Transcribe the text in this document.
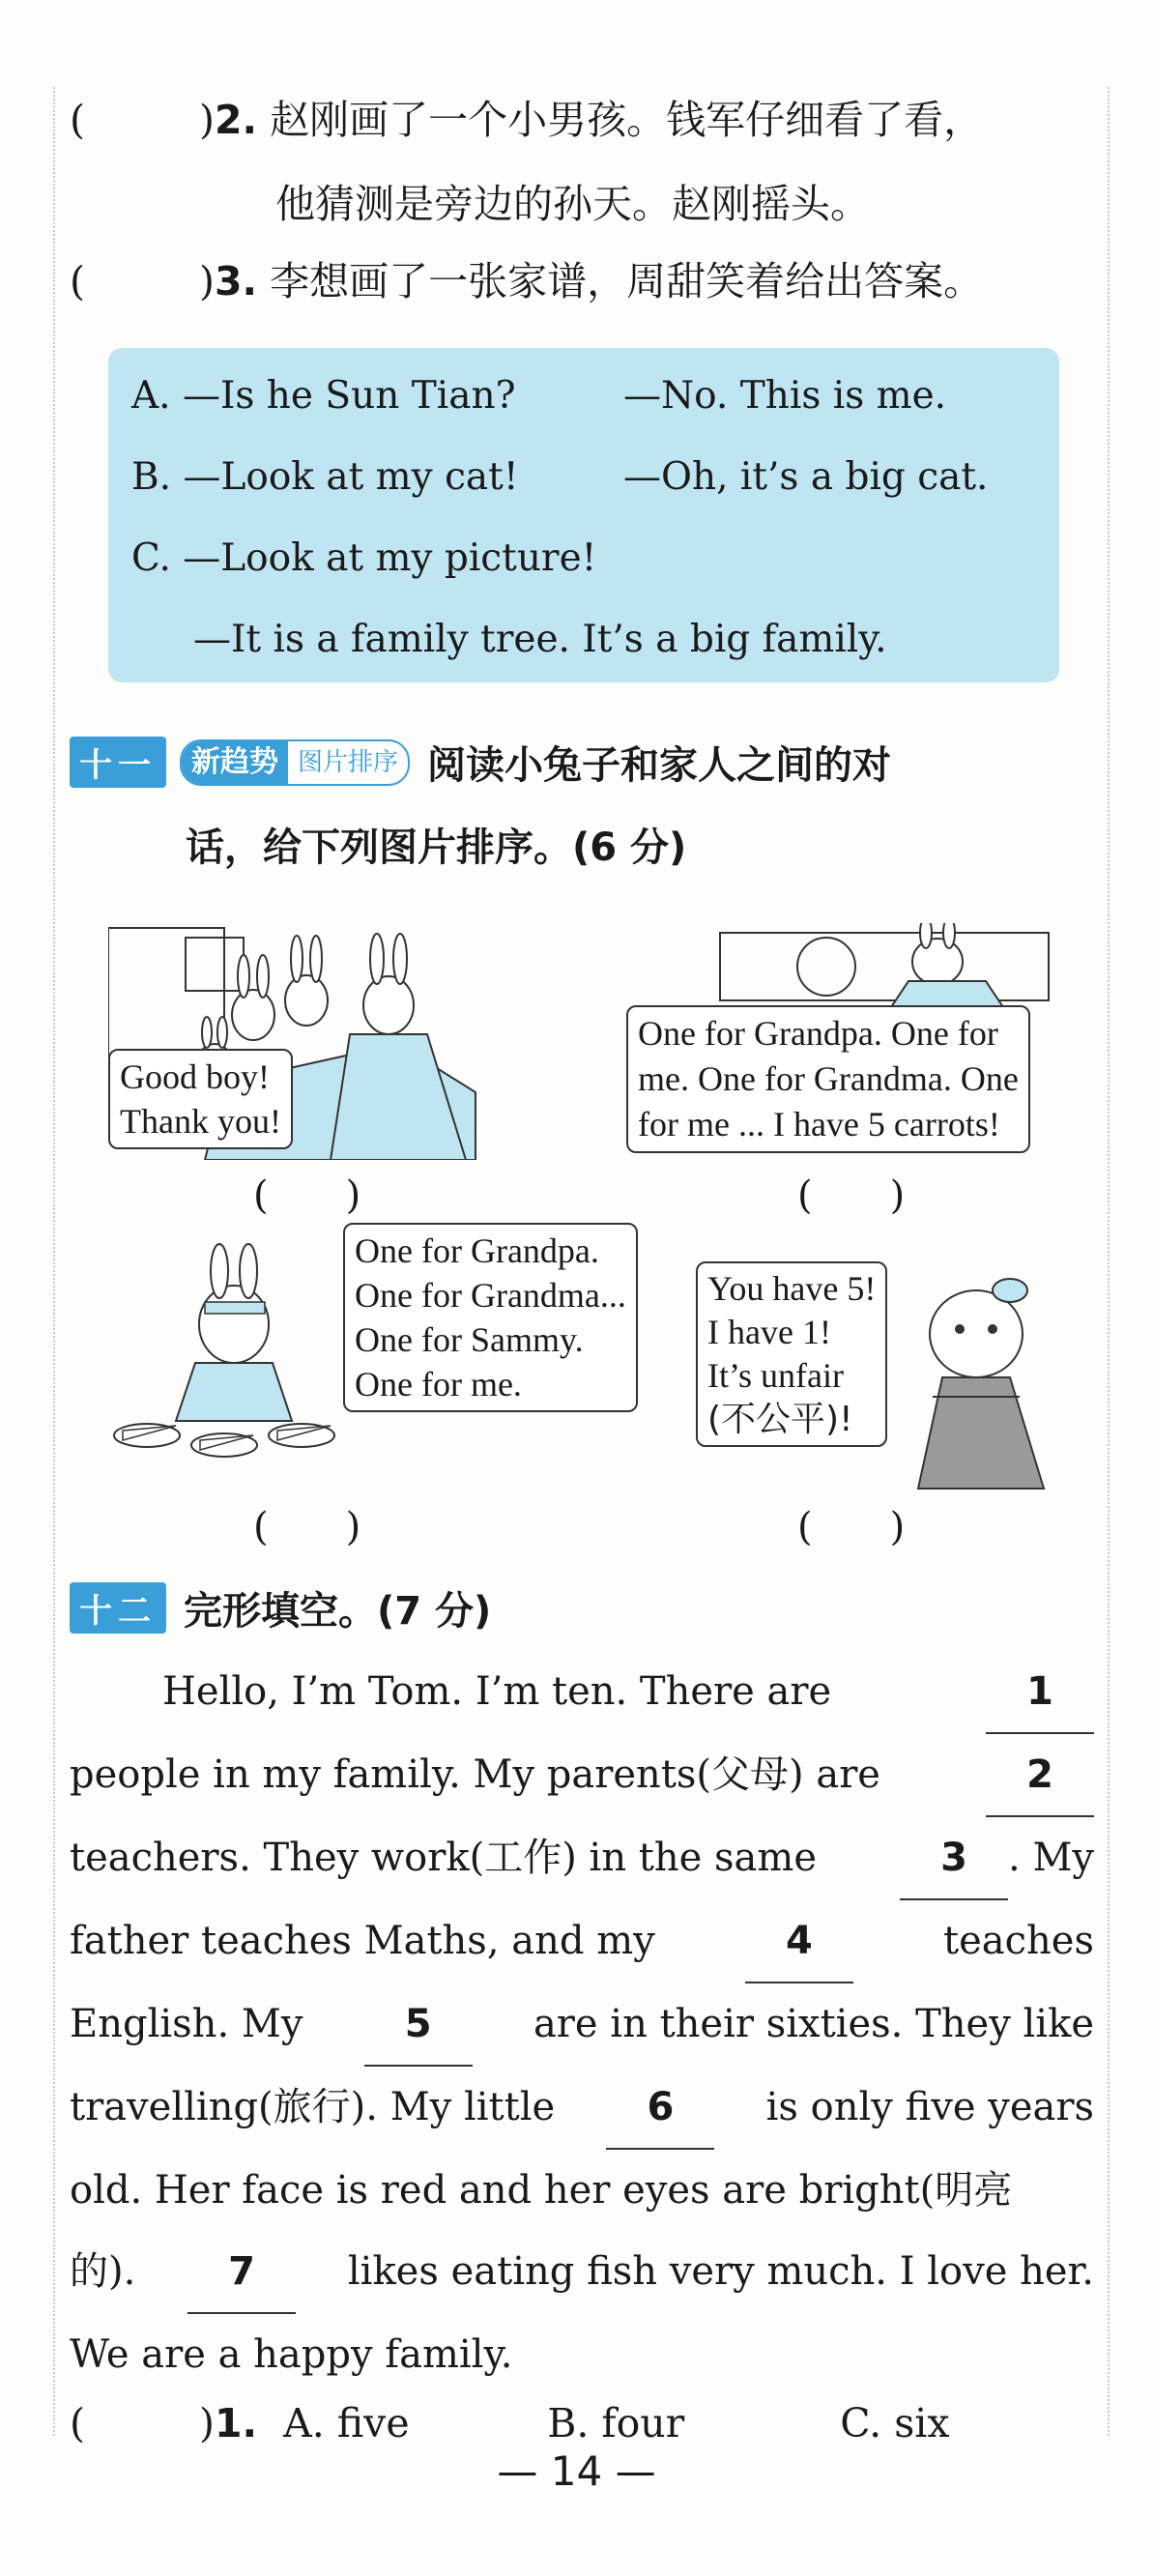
(	)2. 赵刚画了一个小男孩。钱军仔细看了看，
他猜测是旁边的孙天。赵刚摇头。
(	)3. 李想画了一张家谱，周甜笑着给出答案。
A. —Is he Sun Tian?	—No. This is me.
B. —Look at my cat!	—Oh, it’s a big cat.
C. —Look at my picture!
—It is a family tree. It’s a big family.
十一	新趋势 图片排序 阅读小兔子和家人之间的对
话，给下列图片排序。(6 分)
Good boy!
Thank you!
(　　)
One for Grandpa. One for
me. One for Grandma. One
for me ... I have 5 carrots!
(　　)
One for Grandpa.
One for Grandma...
One for Sammy.
One for me.
(　　)
You have 5!
I have 1!
It’s unfair
(不公平)!
(　　)
十二 完形填空。(7 分)
Hello, I’m Tom. I’m ten. There are	1
people in my family. My parents(父母) are	2
teachers. They work(工作) in the same	3 . My
father teaches Maths, and my	4	teaches
English. My	5	are in their sixties. They like
travelling(旅行). My little	6	is only five years
old. Her face is red and her eyes are bright(明亮
的).	7	likes eating fish very much. I love her.
We are a happy family.
(	)1. A. five	B. four	C. six
— 14 —
